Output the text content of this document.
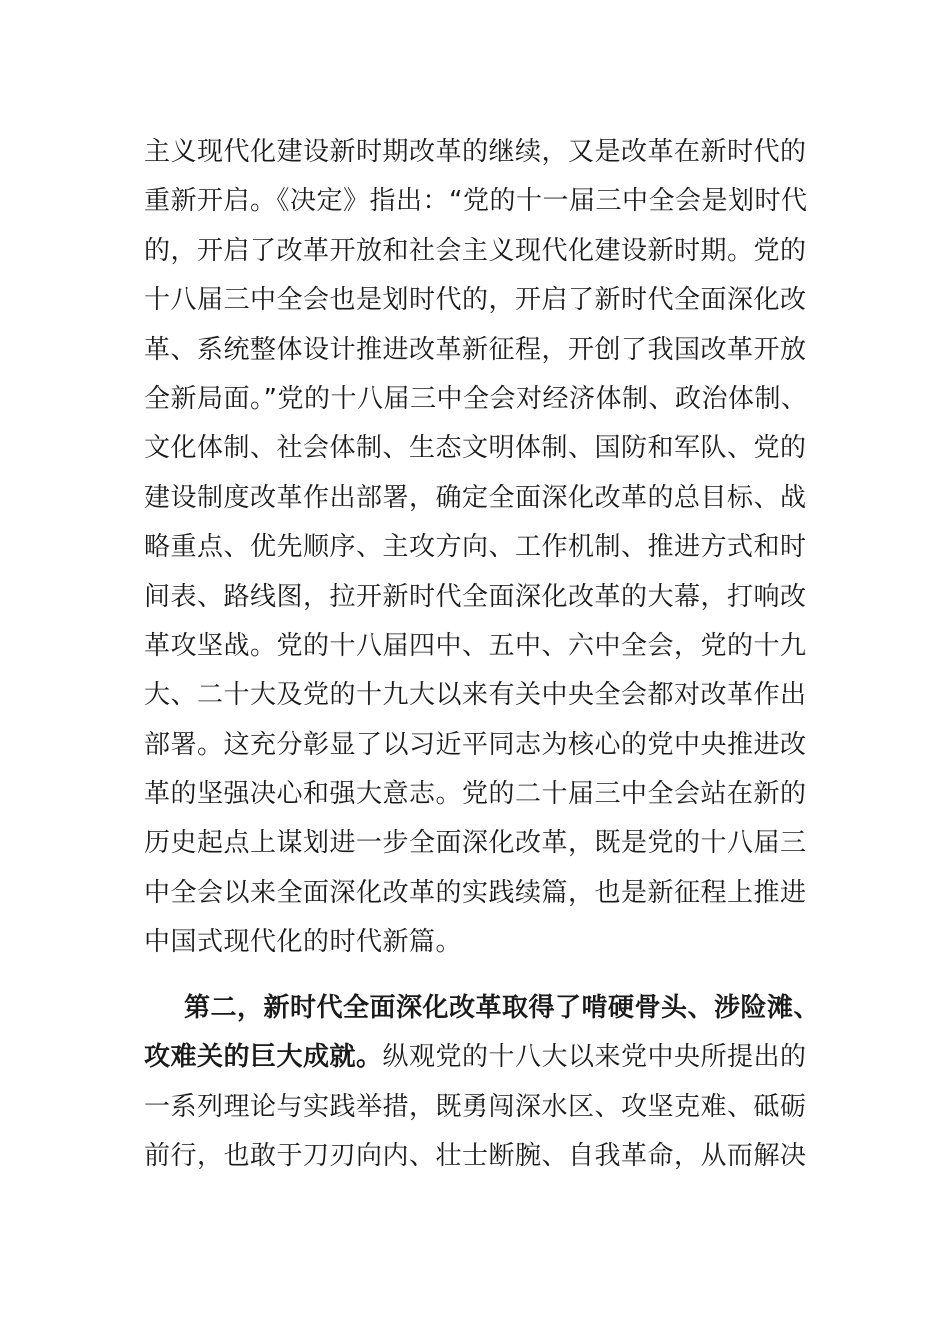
主义现代化建设新时期改革的继续，又是改革在新时代的
重新开启。《决定》指出：“党的十一届三中全会是划时代
的，开启了改革开放和社会主义现代化建设新时期。党的
十八届三中全会也是划时代的，开启了新时代全面深化改
革、系统整体设计推进改革新征程，开创了我国改革开放
全新局面。”党的十八届三中全会对经济体制、政治体制、
文化体制、社会体制、生态文明体制、国防和军队、党的
建设制度改革作出部署，确定全面深化改革的总目标、战
略重点、优先顺序、主攻方向、工作机制、推进方式和时
间表、路线图，拉开新时代全面深化改革的大幕，打响改
革攻坚战。党的十八届四中、五中、六中全会，党的十九
大、二十大及党的十九大以来有关中央全会都对改革作出
部署。这充分彰显了以习近平同志为核心的党中央推进改
革的坚强决心和强大意志。党的二十届三中全会站在新的
历史起点上谋划进一步全面深化改革，既是党的十八届三
中全会以来全面深化改革的实践续篇，也是新征程上推进
中国式现代化的时代新篇。
第二，新时代全面深化改革取得了啃硬骨头、涉险滩、
攻难关的巨大成就。纵观党的十八大以来党中央所提出的
一系列理论与实践举措，既勇闯深水区、攻坚克难、砥砺
前行，也敢于刀刃向内、壮士断腕、自我革命，从而解决
